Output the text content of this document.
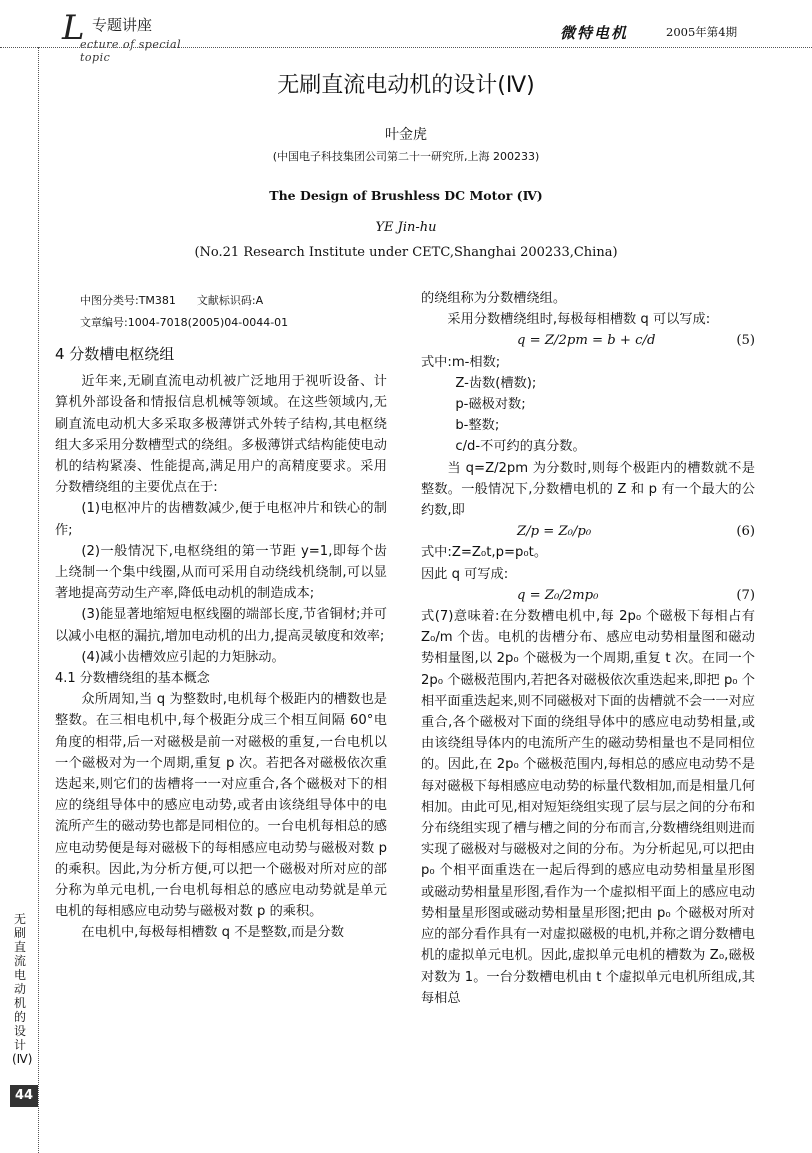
L 专题讲座
ecture of special topic
微特电机	2005年第4期
无刷直流电动机的设计(Ⅳ)
叶金虎
(中国电子科技集团公司第二十一研究所,上海 200233)
The Design of Brushless DC Motor (Ⅳ)
YE Jin-hu
(No.21 Research Institute under CETC,Shanghai 200233,China)
中图分类号:TM381      文献标识码:A
文章编号:1004-7018(2005)04-0044-01
4 分数槽电枢绕组

近年来,无刷直流电动机被广泛地用于视听设备、计算机外部设备和情报信息机械等领域。在这些领域内,无刷直流电动机大多采取多极薄饼式外转子结构,其电枢绕组大多采用分数槽型式的绕组。多极薄饼式结构能使电动机的结构紧凑、性能提高,满足用户的高精度要求。采用分数槽绕组的主要优点在于:

(1)电枢冲片的齿槽数减少,便于电枢冲片和铁心的制作;

(2)一般情况下,电枢绕组的第一节距 y=1,即每个齿上绕制一个集中线圈,从而可采用自动绕线机绕制,可以显著地提高劳动生产率,降低电动机的制造成本;

(3)能显著地缩短电枢线圈的端部长度,节省铜材;并可以减小电枢的漏抗,增加电动机的出力,提高灵敏度和效率;

(4)减小齿槽效应引起的力矩脉动。

4.1 分数槽绕组的基本概念

众所周知,当 q 为整数时,电机每个极距内的槽数也是整数。在三相电机中,每个极距分成三个相互间隔 60°电角度的相带,后一对磁极是前一对磁极的重复,一台电机以一个磁极对为一个周期,重复 p 次。若把各对磁极依次重迭起来,则它们的齿槽将一一对应重合,各个磁极对下的相应的绕组导体中的感应电动势,或者由该绕组导体中的电流所产生的磁动势也都是同相位的。一台电机每相总的感应电动势便是每对磁极下的每相感应电动势与磁极对数 p 的乘积。因此,为分析方便,可以把一个磁极对所对应的部分称为单元电机,一台电机每相总的感应电动势就是单元电机的每相感应电动势与磁极对数 p 的乘积。

在电机中,每极每相槽数 q 不是整数,而是分数

的绕组称为分数槽绕组。

采用分数槽绕组时,每极每相槽数 q 可以写成:

q = Z/2pm = b + c/d	(5)

式中:m-相数;

Z-齿数(槽数);

p-磁极对数;

b-整数;

c/d-不可约的真分数。

当 q=Z/2pm 为分数时,则每个极距内的槽数就不是整数。一般情况下,分数槽电机的 Z 和 p 有一个最大的公约数,即

Z/p = Z₀/p₀	(6)

式中:Z=Z₀t,p=p₀t。

因此 q 可写成:

q = Z₀/2mp₀	(7)

式(7)意味着:在分数槽电机中,每 2p₀ 个磁极下每相占有 Z₀/m 个齿。电机的齿槽分布、感应电动势相量图和磁动势相量图,以 2p₀ 个磁极为一个周期,重复 t 次。在同一个 2p₀ 个磁极范围内,若把各对磁极依次重迭起来,即把 p₀ 个相平面重迭起来,则不同磁极对下面的齿槽就不会一一对应重合,各个磁极对下面的绕组导体中的感应电动势相量,或由该绕组导体内的电流所产生的磁动势相量也不是同相位的。因此,在 2p₀ 个磁极范围内,每相总的感应电动势不是每对磁极下每相感应电动势的标量代数相加,而是相量几何相加。由此可见,相对短矩绕组实现了层与层之间的分布和分布绕组实现了槽与槽之间的分布而言,分数槽绕组则进而实现了磁极对与磁极对之间的分布。为分析起见,可以把由 p₀ 个相平面重迭在一起后得到的感应电动势相量星形图或磁动势相量星形图,看作为一个虚拟相平面上的感应电动势相量星形图或磁动势相量星形图;把由 p₀ 个磁极对所对应的部分看作具有一对虚拟磁极的电机,并称之谓分数槽电机的虚拟单元电机。因此,虚拟单元电机的槽数为 Z₀,磁极对数为 1。一台分数槽电机由 t 个虚拟单元电机所组成,其每相总

无刷直流电动机的设计(Ⅳ)
44
